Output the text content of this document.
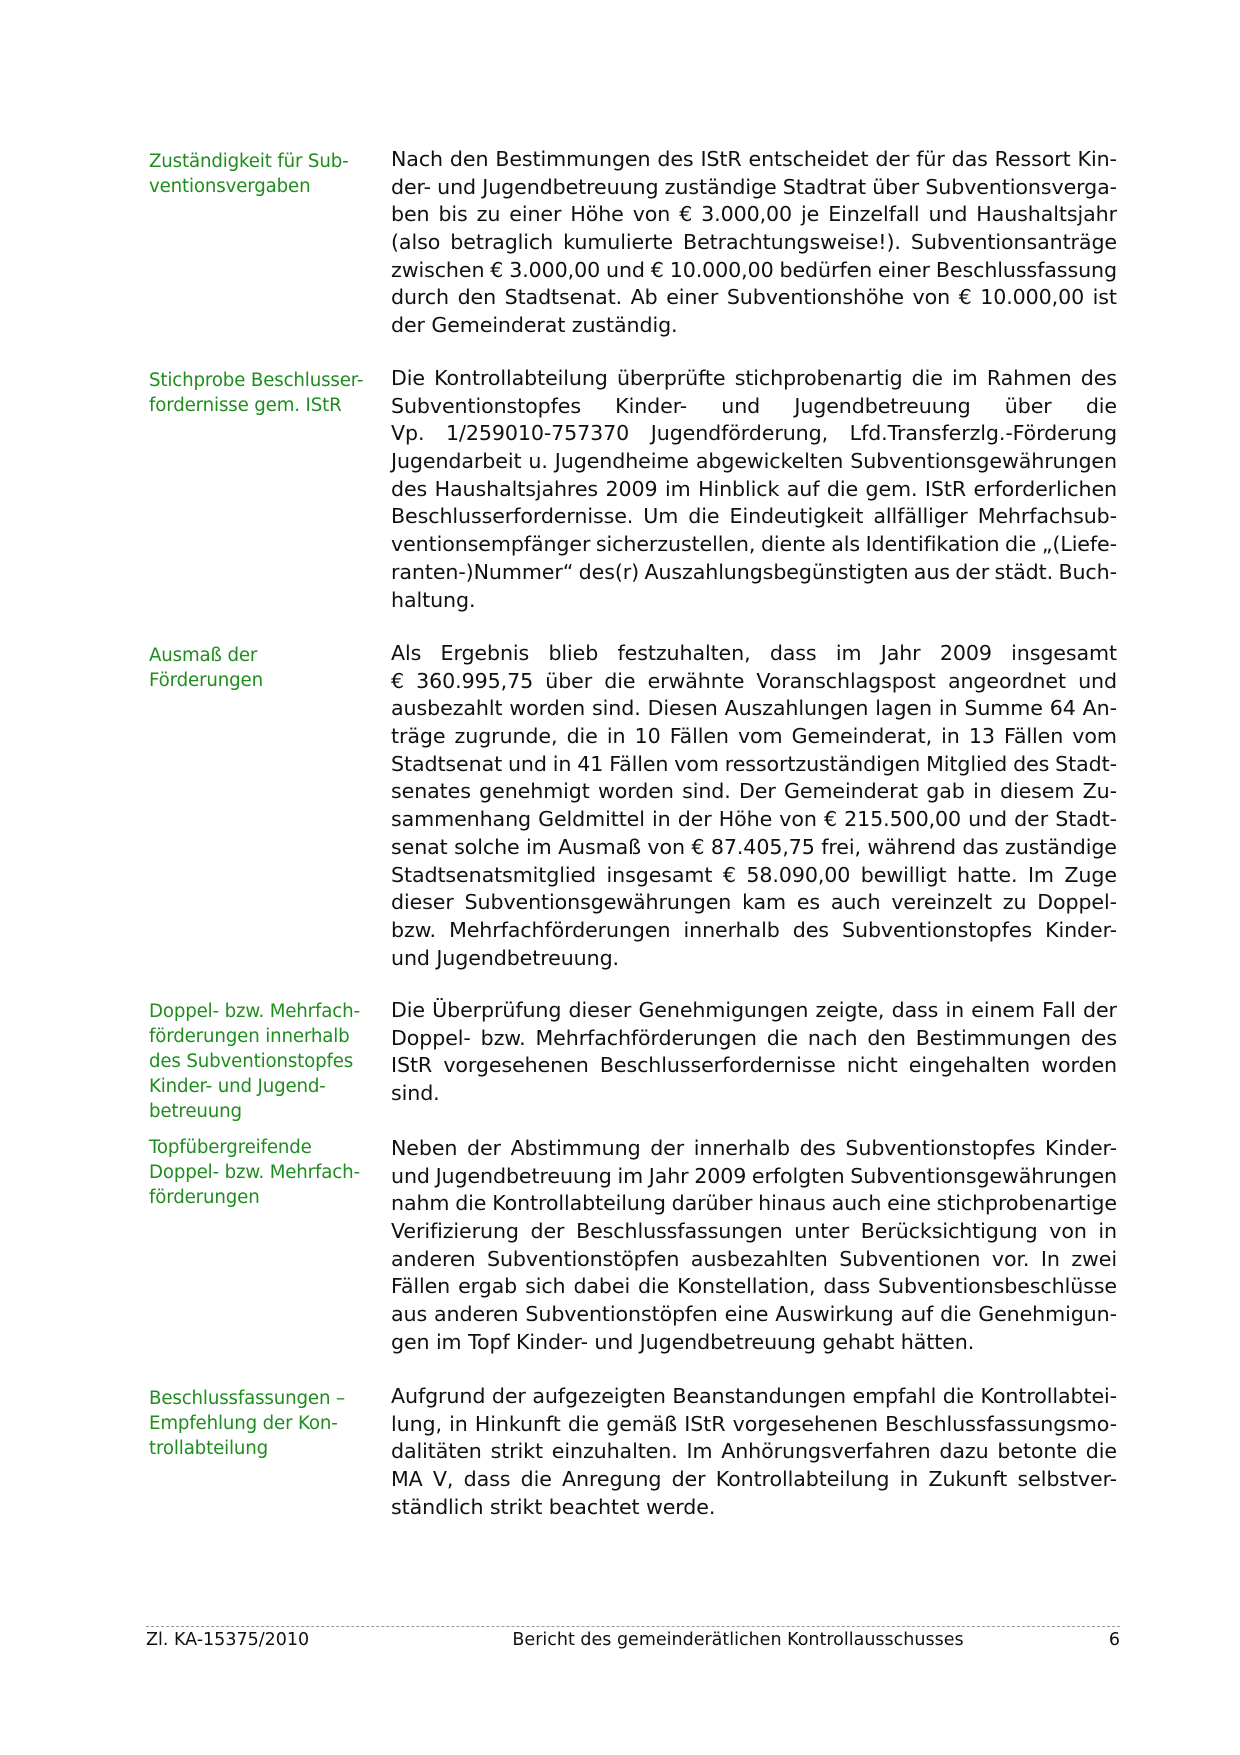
Zuständigkeit für Sub-
ventionsvergaben
Nach den Bestimmungen des IStR entscheidet der für das Ressort Kin-
der- und Jugendbetreuung zuständige Stadtrat über Subventionsverga-
ben bis zu einer Höhe von € 3.000,00 je Einzelfall und Haushaltsjahr
(also betraglich kumulierte Betrachtungsweise!). Subventionsanträge
zwischen € 3.000,00 und € 10.000,00 bedürfen einer Beschlussfassung
durch den Stadtsenat. Ab einer Subventionshöhe von € 10.000,00 ist
der Gemeinderat zuständig.
Stichprobe Beschlusser-
fordernisse gem. IStR
Die Kontrollabteilung überprüfte stichprobenartig die im Rahmen des
Subventionstopfes Kinder- und Jugendbetreuung über die
Vp. 1/259010-757370 Jugendförderung, Lfd.Transferzlg.-Förderung
Jugendarbeit u. Jugendheime abgewickelten Subventionsgewährungen
des Haushaltsjahres 2009 im Hinblick auf die gem. IStR erforderlichen
Beschlusserfordernisse. Um die Eindeutigkeit allfälliger Mehrfachsub-
ventionsempfänger sicherzustellen, diente als Identifikation die „(Liefe-
ranten-)Nummer“ des(r) Auszahlungsbegünstigten aus der städt. Buch-
haltung.
Ausmaß der
Förderungen
Als Ergebnis blieb festzuhalten, dass im Jahr 2009 insgesamt
€ 360.995,75 über die erwähnte Voranschlagspost angeordnet und
ausbezahlt worden sind. Diesen Auszahlungen lagen in Summe 64 An-
träge zugrunde, die in 10 Fällen vom Gemeinderat, in 13 Fällen vom
Stadtsenat und in 41 Fällen vom ressortzuständigen Mitglied des Stadt-
senates genehmigt worden sind. Der Gemeinderat gab in diesem Zu-
sammenhang Geldmittel in der Höhe von € 215.500,00 und der Stadt-
senat solche im Ausmaß von € 87.405,75 frei, während das zuständige
Stadtsenatsmitglied insgesamt € 58.090,00 bewilligt hatte. Im Zuge
dieser Subventionsgewährungen kam es auch vereinzelt zu Doppel-
bzw. Mehrfachförderungen innerhalb des Subventionstopfes Kinder-
und Jugendbetreuung.
Doppel- bzw. Mehrfach-
förderungen innerhalb
des Subventionstopfes
Kinder- und Jugend-
betreuung
Die Überprüfung dieser Genehmigungen zeigte, dass in einem Fall der
Doppel- bzw. Mehrfachförderungen die nach den Bestimmungen des
IStR vorgesehenen Beschlusserfordernisse nicht eingehalten worden
sind.
Topfübergreifende
Doppel- bzw. Mehrfach-
förderungen
Neben der Abstimmung der innerhalb des Subventionstopfes Kinder-
und Jugendbetreuung im Jahr 2009 erfolgten Subventionsgewährungen
nahm die Kontrollabteilung darüber hinaus auch eine stichprobenartige
Verifizierung der Beschlussfassungen unter Berücksichtigung von in
anderen Subventionstöpfen ausbezahlten Subventionen vor. In zwei
Fällen ergab sich dabei die Konstellation, dass Subventionsbeschlüsse
aus anderen Subventionstöpfen eine Auswirkung auf die Genehmigun-
gen im Topf Kinder- und Jugendbetreuung gehabt hätten.
Beschlussfassungen –
Empfehlung der Kon-
trollabteilung
Aufgrund der aufgezeigten Beanstandungen empfahl die Kontrollabtei-
lung, in Hinkunft die gemäß IStR vorgesehenen Beschlussfassungsmo-
dalitäten strikt einzuhalten. Im Anhörungsverfahren dazu betonte die
MA V, dass die Anregung der Kontrollabteilung in Zukunft selbstver-
ständlich strikt beachtet werde.
Zl. KA-15375/2010	Bericht des gemeinderätlichen Kontrollausschusses	6
